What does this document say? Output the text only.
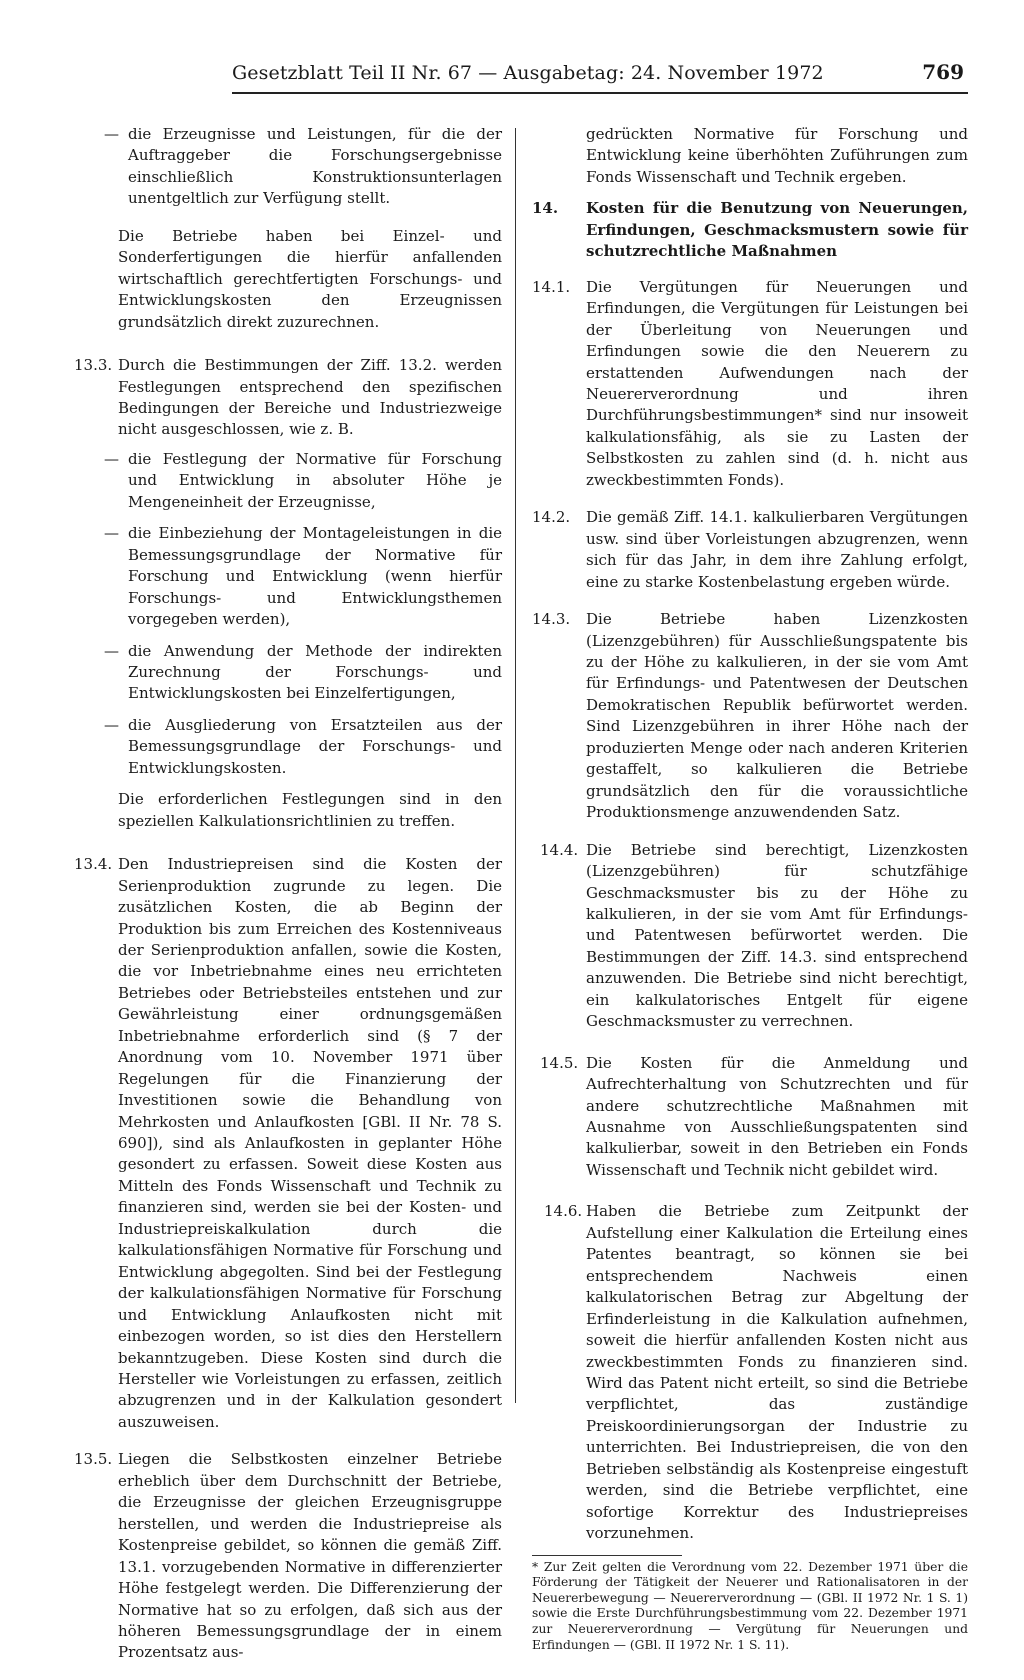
Gesetzblatt Teil II Nr. 67 — Ausgabetag: 24. November 1972	769
— die Erzeugnisse und Leistungen, für die der Auftraggeber die Forschungsergebnisse einschließlich Konstruktionsunterlagen unentgeltlich zur Verfügung stellt.
Die Betriebe haben bei Einzel- und Sonderfertigungen die hierfür anfallenden wirtschaftlich gerechtfertigten Forschungs- und Entwicklungskosten den Erzeugnissen grundsätzlich direkt zuzurechnen.
13.3. Durch die Bestimmungen der Ziff. 13.2. werden Festlegungen entsprechend den spezifischen Bedingungen der Bereiche und Industriezweige nicht ausgeschlossen, wie z. B.
— die Festlegung der Normative für Forschung und Entwicklung in absoluter Höhe je Mengeneinheit der Erzeugnisse,
— die Einbeziehung der Montageleistungen in die Bemessungsgrundlage der Normative für Forschung und Entwicklung (wenn hierfür Forschungs- und Entwicklungsthemen vorgegeben werden),
— die Anwendung der Methode der indirekten Zurechnung der Forschungs- und Entwicklungskosten bei Einzelfertigungen,
— die Ausgliederung von Ersatzteilen aus der Bemessungsgrundlage der Forschungs- und Entwicklungskosten.
Die erforderlichen Festlegungen sind in den speziellen Kalkulationsrichtlinien zu treffen.
13.4. Den Industriepreisen sind die Kosten der Serienproduktion zugrunde zu legen. Die zusätzlichen Kosten, die ab Beginn der Produktion bis zum Erreichen des Kostenniveaus der Serienproduktion anfallen, sowie die Kosten, die vor Inbetriebnahme eines neu errichteten Betriebes oder Betriebsteiles entstehen und zur Gewährleistung einer ordnungsgemäßen Inbetriebnahme erforderlich sind (§ 7 der Anordnung vom 10. November 1971 über Regelungen für die Finanzierung der Investitionen sowie die Behandlung von Mehrkosten und Anlaufkosten [GBl. II Nr. 78 S. 690]), sind als Anlaufkosten in geplanter Höhe gesondert zu erfassen. Soweit diese Kosten aus Mitteln des Fonds Wissenschaft und Technik zu finanzieren sind, werden sie bei der Kosten- und Industriepreiskalkulation durch die kalkulationsfähigen Normative für Forschung und Entwicklung abgegolten. Sind bei der Festlegung der kalkulationsfähigen Normative für Forschung und Entwicklung Anlaufkosten nicht mit einbezogen worden, so ist dies den Herstellern bekanntzugeben. Diese Kosten sind durch die Hersteller wie Vorleistungen zu erfassen, zeitlich abzugrenzen und in der Kalkulation gesondert auszuweisen.
13.5. Liegen die Selbstkosten einzelner Betriebe erheblich über dem Durchschnitt der Betriebe, die Erzeugnisse der gleichen Erzeugnisgruppe herstellen, und werden die Industriepreise als Kostenpreise gebildet, so können die gemäß Ziff. 13.1. vorzugebenden Normative in differenzierter Höhe festgelegt werden. Die Differenzierung der Normative hat so zu erfolgen, daß sich aus der höheren Bemessungsgrundlage der in einem Prozentsatz aus-
gedrückten Normative für Forschung und Entwicklung keine überhöhten Zuführungen zum Fonds Wissenschaft und Technik ergeben.
14. Kosten für die Benutzung von Neuerungen, Erfindungen, Geschmacksmustern sowie für schutzrechtliche Maßnahmen
14.1. Die Vergütungen für Neuerungen und Erfindungen, die Vergütungen für Leistungen bei der Überleitung von Neuerungen und Erfindungen sowie die den Neuerern zu erstattenden Aufwendungen nach der Neuererverordnung und ihren Durchführungsbestimmungen* sind nur insoweit kalkulationsfähig, als sie zu Lasten der Selbstkosten zu zahlen sind (d. h. nicht aus zweckbestimmten Fonds).
14.2. Die gemäß Ziff. 14.1. kalkulierbaren Vergütungen usw. sind über Vorleistungen abzugrenzen, wenn sich für das Jahr, in dem ihre Zahlung erfolgt, eine zu starke Kostenbelastung ergeben würde.
14.3. Die Betriebe haben Lizenzkosten (Lizenzgebühren) für Ausschließungspatente bis zu der Höhe zu kalkulieren, in der sie vom Amt für Erfindungs- und Patentwesen der Deutschen Demokratischen Republik befürwortet werden. Sind Lizenzgebühren in ihrer Höhe nach der produzierten Menge oder nach anderen Kriterien gestaffelt, so kalkulieren die Betriebe grundsätzlich den für die voraussichtliche Produktionsmenge anzuwendenden Satz.
14.4. Die Betriebe sind berechtigt, Lizenzkosten (Lizenzgebühren) für schutzfähige Geschmacksmuster bis zu der Höhe zu kalkulieren, in der sie vom Amt für Erfindungs- und Patentwesen befürwortet werden. Die Bestimmungen der Ziff. 14.3. sind entsprechend anzuwenden. Die Betriebe sind nicht berechtigt, ein kalkulatorisches Entgelt für eigene Geschmacksmuster zu verrechnen.
14.5. Die Kosten für die Anmeldung und Aufrechterhaltung von Schutzrechten und für andere schutzrechtliche Maßnahmen mit Ausnahme von Ausschließungspatenten sind kalkulierbar, soweit in den Betrieben ein Fonds Wissenschaft und Technik nicht gebildet wird.
14.6. Haben die Betriebe zum Zeitpunkt der Aufstellung einer Kalkulation die Erteilung eines Patentes beantragt, so können sie bei entsprechendem Nachweis einen kalkulatorischen Betrag zur Abgeltung der Erfinderleistung in die Kalkulation aufnehmen, soweit die hierfür anfallenden Kosten nicht aus zweckbestimmten Fonds zu finanzieren sind. Wird das Patent nicht erteilt, so sind die Betriebe verpflichtet, das zuständige Preiskoordinierungsorgan der Industrie zu unterrichten. Bei Industriepreisen, die von den Betrieben selbständig als Kostenpreise eingestuft werden, sind die Betriebe verpflichtet, eine sofortige Korrektur des Industriepreises vorzunehmen.
* Zur Zeit gelten die Verordnung vom 22. Dezember 1971 über die Förderung der Tätigkeit der Neuerer und Rationalisatoren in der Neuererbewegung — Neuererverordnung — (GBl. II 1972 Nr. 1 S. 1) sowie die Erste Durchführungsbestimmung vom 22. Dezember 1971 zur Neuererverordnung — Vergütung für Neuerungen und Erfindungen — (GBl. II 1972 Nr. 1 S. 11).
